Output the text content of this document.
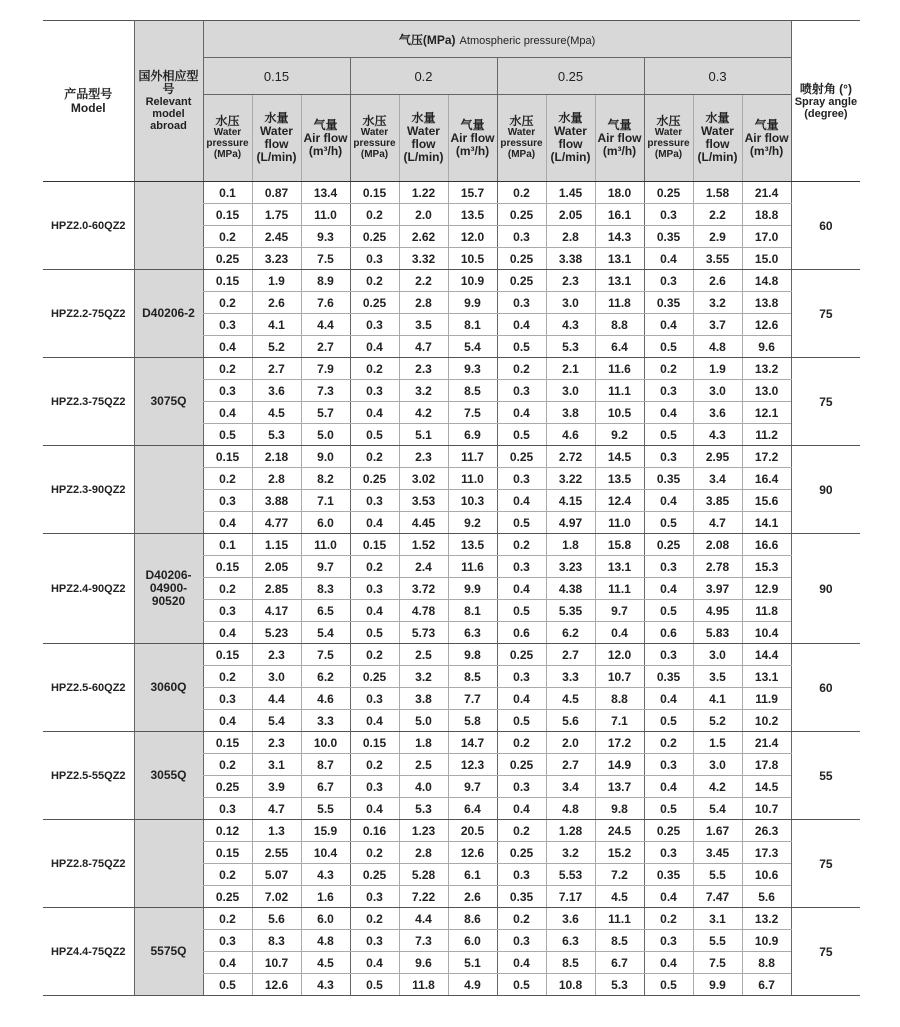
产品型号
Model	国外相应型号
Relevant model abroad	气压(MPa) Atmospheric pressure(Mpa)												喷射角 (°)
Spray angle (degree)

		0.15			0.2			0.25			0.3			

		水压
Water pressure (MPa)	水量
Water flow (L/min)	气量
Air flow (m³/h)	水压
Water pressure (MPa)	水量
Water flow (L/min)	气量
Air flow (m³/h)	水压
Water pressure (MPa)	水量
Water flow (L/min)	气量
Air flow (m³/h)	水压
Water pressure (MPa)	水量
Water flow (L/min)	气量
Air flow (m³/h)	
HPZ2.0-60QZ2		0.1	0.87	13.4	0.15	1.22	15.7	0.2	1.45	18.0	0.25	1.58	21.4	60
		0.15	1.75	11.0	0.2	2.0	13.5	0.25	2.05	16.1	0.3	2.2	18.8	
		0.2	2.45	9.3	0.25	2.62	12.0	0.3	2.8	14.3	0.35	2.9	17.0	
		0.25	3.23	7.5	0.3	3.32	10.5	0.25	3.38	13.1	0.4	3.55	15.0	
HPZ2.2-75QZ2	D40206-2	0.15	1.9	8.9	0.2	2.2	10.9	0.25	2.3	13.1	0.3	2.6	14.8	75
		0.2	2.6	7.6	0.25	2.8	9.9	0.3	3.0	11.8	0.35	3.2	13.8	
		0.3	4.1	4.4	0.3	3.5	8.1	0.4	4.3	8.8	0.4	3.7	12.6	
		0.4	5.2	2.7	0.4	4.7	5.4	0.5	5.3	6.4	0.5	4.8	9.6	
HPZ2.3-75QZ2	3075Q	0.2	2.7	7.9	0.2	2.3	9.3	0.2	2.1	11.6	0.2	1.9	13.2	75
		0.3	3.6	7.3	0.3	3.2	8.5	0.3	3.0	11.1	0.3	3.0	13.0	
		0.4	4.5	5.7	0.4	4.2	7.5	0.4	3.8	10.5	0.4	3.6	12.1	
		0.5	5.3	5.0	0.5	5.1	6.9	0.5	4.6	9.2	0.5	4.3	11.2	
HPZ2.3-90QZ2		0.15	2.18	9.0	0.2	2.3	11.7	0.25	2.72	14.5	0.3	2.95	17.2	90
		0.2	2.8	8.2	0.25	3.02	11.0	0.3	3.22	13.5	0.35	3.4	16.4	
		0.3	3.88	7.1	0.3	3.53	10.3	0.4	4.15	12.4	0.4	3.85	15.6	
		0.4	4.77	6.0	0.4	4.45	9.2	0.5	4.97	11.0	0.5	4.7	14.1	
HPZ2.4-90QZ2	D40206-04900-90520	0.1	1.15	11.0	0.15	1.52	13.5	0.2	1.8	15.8	0.25	2.08	16.6	90
		0.15	2.05	9.7	0.2	2.4	11.6	0.3	3.23	13.1	0.3	2.78	15.3	
		0.2	2.85	8.3	0.3	3.72	9.9	0.4	4.38	11.1	0.4	3.97	12.9	
		0.3	4.17	6.5	0.4	4.78	8.1	0.5	5.35	9.7	0.5	4.95	11.8	
		0.4	5.23	5.4	0.5	5.73	6.3	0.6	6.2	0.4	0.6	5.83	10.4	
HPZ2.5-60QZ2	3060Q	0.15	2.3	7.5	0.2	2.5	9.8	0.25	2.7	12.0	0.3	3.0	14.4	60
		0.2	3.0	6.2	0.25	3.2	8.5	0.3	3.3	10.7	0.35	3.5	13.1	
		0.3	4.4	4.6	0.3	3.8	7.7	0.4	4.5	8.8	0.4	4.1	11.9	
		0.4	5.4	3.3	0.4	5.0	5.8	0.5	5.6	7.1	0.5	5.2	10.2	
HPZ2.5-55QZ2	3055Q	0.15	2.3	10.0	0.15	1.8	14.7	0.2	2.0	17.2	0.2	1.5	21.4	55
		0.2	3.1	8.7	0.2	2.5	12.3	0.25	2.7	14.9	0.3	3.0	17.8	
		0.25	3.9	6.7	0.3	4.0	9.7	0.3	3.4	13.7	0.4	4.2	14.5	
		0.3	4.7	5.5	0.4	5.3	6.4	0.4	4.8	9.8	0.5	5.4	10.7	
HPZ2.8-75QZ2		0.12	1.3	15.9	0.16	1.23	20.5	0.2	1.28	24.5	0.25	1.67	26.3	75
		0.15	2.55	10.4	0.2	2.8	12.6	0.25	3.2	15.2	0.3	3.45	17.3	
		0.2	5.07	4.3	0.25	5.28	6.1	0.3	5.53	7.2	0.35	5.5	10.6	
		0.25	7.02	1.6	0.3	7.22	2.6	0.35	7.17	4.5	0.4	7.47	5.6	
HPZ4.4-75QZ2	5575Q	0.2	5.6	6.0	0.2	4.4	8.6	0.2	3.6	11.1	0.2	3.1	13.2	75
		0.3	8.3	4.8	0.3	7.3	6.0	0.3	6.3	8.5	0.3	5.5	10.9	
		0.4	10.7	4.5	0.4	9.6	5.1	0.4	8.5	6.7	0.4	7.5	8.8	
		0.5	12.6	4.3	0.5	11.8	4.9	0.5	10.8	5.3	0.5	9.9	6.7	
